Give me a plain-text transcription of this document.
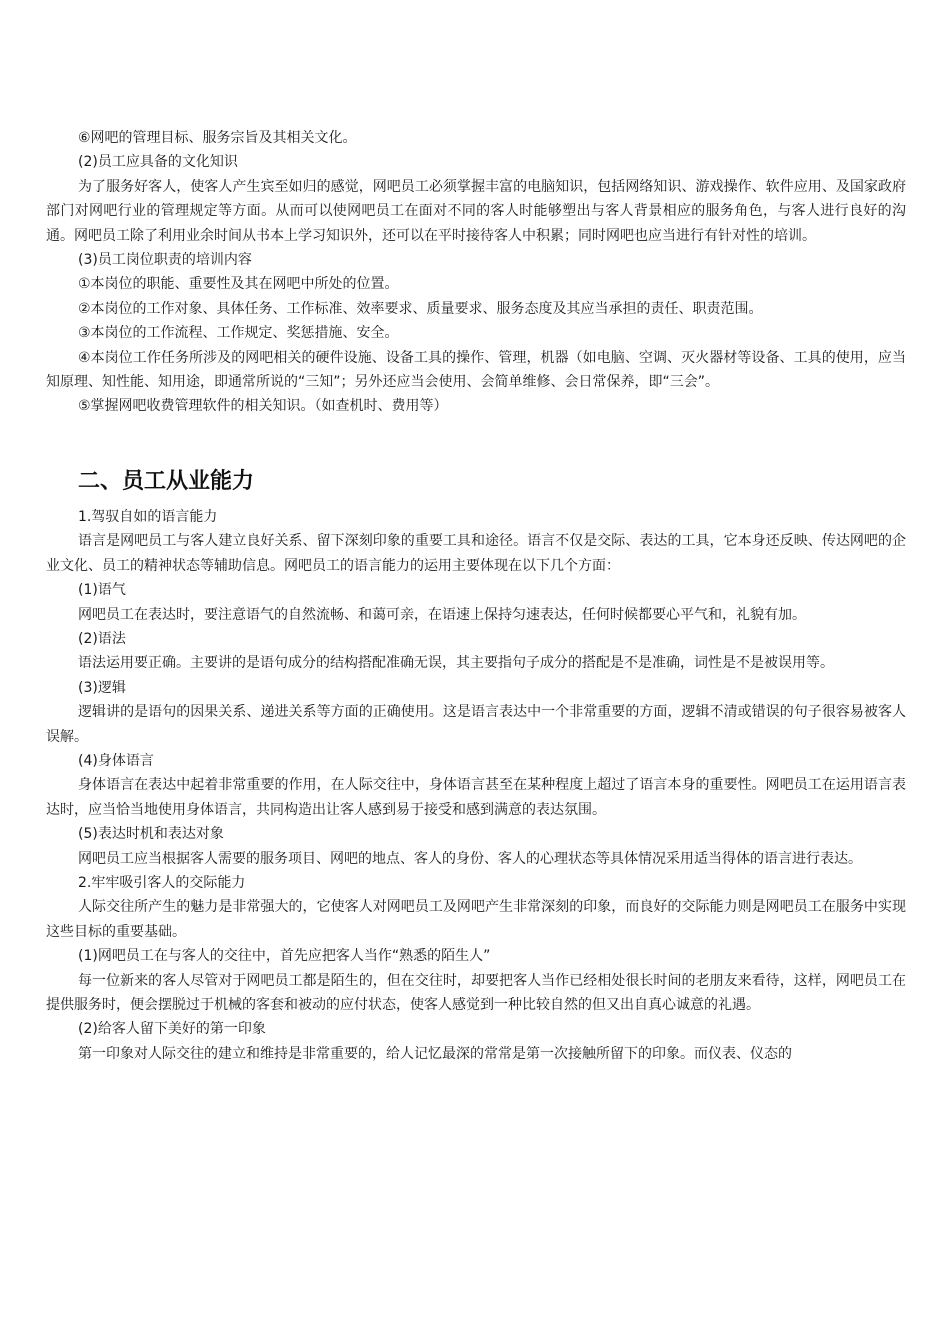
⑥网吧的管理目标、服务宗旨及其相关文化。

(2)员工应具备的文化知识

为了服务好客人，使客人产生宾至如归的感觉，网吧员工必须掌握丰富的电脑知识，包括网络知识、游戏操作、软件应用、及国家政府部门对网吧行业的管理规定等方面。从而可以使网吧员工在面对不同的客人时能够塑出与客人背景相应的服务角色，与客人进行良好的沟通。网吧员工除了利用业余时间从书本上学习知识外，还可以在平时接待客人中积累；同时网吧也应当进行有针对性的培训。

(3)员工岗位职责的培训内容

①本岗位的职能、重要性及其在网吧中所处的位置。

②本岗位的工作对象、具体任务、工作标准、效率要求、质量要求、服务态度及其应当承担的责任、职责范围。

③本岗位的工作流程、工作规定、奖惩措施、安全。

④本岗位工作任务所涉及的网吧相关的硬件设施、设备工具的操作、管理，机器（如电脑、空调、灭火器材等设备、工具的使用，应当知原理、知性能、知用途，即通常所说的“三知”；另外还应当会使用、会简单维修、会日常保养，即“三会”。

⑤掌握网吧收费管理软件的相关知识。（如查机时、费用等）

二、员工从业能力

1.驾驭自如的语言能力

语言是网吧员工与客人建立良好关系、留下深刻印象的重要工具和途径。语言不仅是交际、表达的工具，它本身还反映、传达网吧的企业文化、员工的精神状态等辅助信息。网吧员工的语言能力的运用主要体现在以下几个方面：

(1)语气

网吧员工在表达时，要注意语气的自然流畅、和蔼可亲，在语速上保持匀速表达，任何时候都要心平气和，礼貌有加。

(2)语法

语法运用要正确。主要讲的是语句成分的结构搭配准确无误，其主要指句子成分的搭配是不是准确，词性是不是被误用等。

(3)逻辑

逻辑讲的是语句的因果关系、递进关系等方面的正确使用。这是语言表达中一个非常重要的方面，逻辑不清或错误的句子很容易被客人误解。

(4)身体语言

身体语言在表达中起着非常重要的作用，在人际交往中，身体语言甚至在某种程度上超过了语言本身的重要性。网吧员工在运用语言表达时，应当恰当地使用身体语言，共同构造出让客人感到易于接受和感到满意的表达氛围。

(5)表达时机和表达对象

网吧员工应当根据客人需要的服务项目、网吧的地点、客人的身份、客人的心理状态等具体情况采用适当得体的语言进行表达。

2.牢牢吸引客人的交际能力

人际交往所产生的魅力是非常强大的，它使客人对网吧员工及网吧产生非常深刻的印象，而良好的交际能力则是网吧员工在服务中实现这些目标的重要基础。

(1)网吧员工在与客人的交往中，首先应把客人当作“熟悉的陌生人”

每一位新来的客人尽管对于网吧员工都是陌生的，但在交往时，却要把客人当作已经相处很长时间的老朋友来看待，这样，网吧员工在提供服务时，便会摆脱过于机械的客套和被动的应付状态，使客人感觉到一种比较自然的但又出自真心诚意的礼遇。

(2)给客人留下美好的第一印象

第一印象对人际交往的建立和维持是非常重要的，给人记忆最深的常常是第一次接触所留下的印象。而仪表、仪态的
